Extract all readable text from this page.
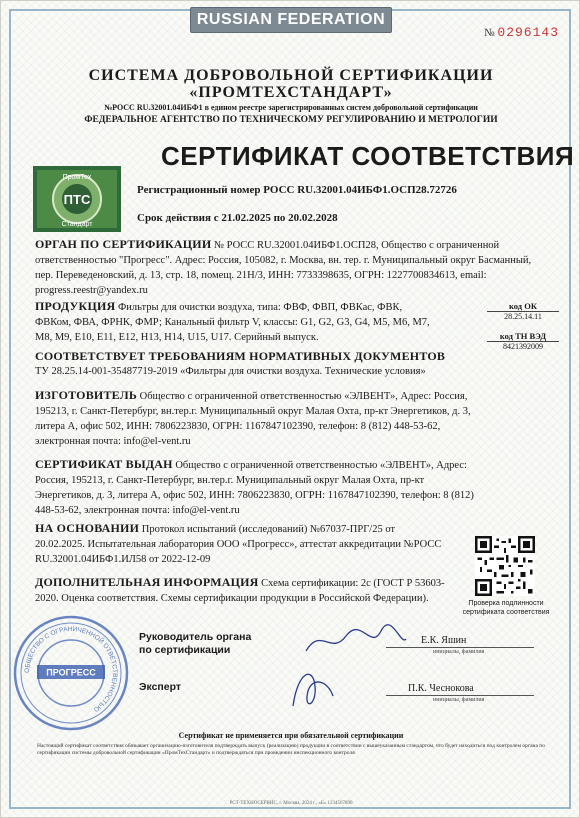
RUSSIAN FEDERATION
№ 0296143
СИСТЕМА ДОБРОВОЛЬНОЙ СЕРТИФИКАЦИИ
«ПРОМТЕХСТАНДАРТ»
№РОСС RU.32001.04ИБФ1 в едином реестре зарегистрированных систем добровольной сертификации
ФЕДЕРАЛЬНОЕ АГЕНТСТВО ПО ТЕХНИЧЕСКОМУ РЕГУЛИРОВАНИЮ И МЕТРОЛОГИИ
СЕРТИФИКАТ СООТВЕТСТВИЯ
ПТС
ПромТех
Стандарт
Регистрационный номер РОСС RU.32001.04ИБФ1.ОСП28.72726
Срок действия с 21.02.2025 по 20.02.2028
ОРГАН ПО СЕРТИФИКАЦИИ № РОСС RU.32001.04ИБФ1.ОСП28, Общество с ограниченной ответственностью "Прогресс". Адрес: Россия, 105082, г. Москва, вн. тер. г. Муниципальный округ Басманный, пер. Переведеновский, д. 13, стр. 18, помещ. 21Н/3, ИНН: 7733398635, ОГРН: 1227700834613, email: progress.reestr@yandex.ru
ПРОДУКЦИЯ Фильтры для очистки воздуха, типа: ФВФ, ФВП, ФВКас, ФВК, ФВКом, ФВА, ФРНК, ФМР; Канальный фильтр V, классы: G1, G2, G3, G4, M5, M6, M7, M8, M9, E10, E11, E12, H13, H14, U15, U17. Серийный выпуск.
код ОК
28.25.14.11
код ТН ВЭД
8421392009
СООТВЕТСТВУЕТ ТРЕБОВАНИЯМ НОРМАТИВНЫХ ДОКУМЕНТОВ
ТУ 28.25.14-001-35487719-2019 «Фильтры для очистки воздуха. Технические условия»
ИЗГОТОВИТЕЛЬ Общество с ограниченной ответственностью «ЭЛВЕНТ», Адрес: Россия, 195213, г. Санкт-Петербург, вн.тер.г. Муниципальный округ Малая Охта, пр-кт Энергетиков, д. 3, литера А, офис 502, ИНН: 7806223830, ОГРН: 1167847102390, телефон: 8 (812) 448-53-62, электронная почта: info@el-vent.ru
СЕРТИФИКАТ ВЫДАН Общество с ограниченной ответственностью «ЭЛВЕНТ», Адрес: Россия, 195213, г. Санкт-Петербург, вн.тер.г. Муниципальный округ Малая Охта, пр-кт Энергетиков, д. 3, литера А, офис 502, ИНН: 7806223830, ОГРН: 1167847102390, телефон: 8 (812) 448-53-62, электронная почта: info@el-vent.ru
НА ОСНОВАНИИ Протокол испытаний (исследований) №67037-ПРГ/25 от 20.02.2025. Испытательная лаборатория ООО «Прогресс», аттестат аккредитации №РОСС RU.32001.04ИБФ1.ИЛ58 от 2022-12-09
ДОПОЛНИТЕЛЬНАЯ ИНФОРМАЦИЯ Схема сертификации: 2с (ГОСТ Р 53603-2020. Оценка соответствия. Схемы сертификации продукции в Российской Федерации).	Проверка подлинности сертификата соответствия
ОБЩЕСТВО С ОГРАНИЧЕННОЙ ОТВЕТСТВЕННОСТЬЮ
ПРОГРЕСС
Руководитель органа по сертификации
Е.К. Яшин
инициалы, фамилия
Эксперт	П.К. Чеснокова
инициалы, фамилия
Сертификат не применяется при обязательной сертификации
Настоящий сертификат соответствия обязывает организацию-изготовителя подтверждать выпуск (реализацию) продукции в соответствии с вышеуказанным стандартом, что будет находиться под контролем органа по сертификации системы добровольной сертификации «ПромТехСтандарт» и подтверждаться при проведении инспекционного контроля
РСТ-ТЕХНОСЕРВИС, г. Москва, 2024 г., «Б» 1234567890
